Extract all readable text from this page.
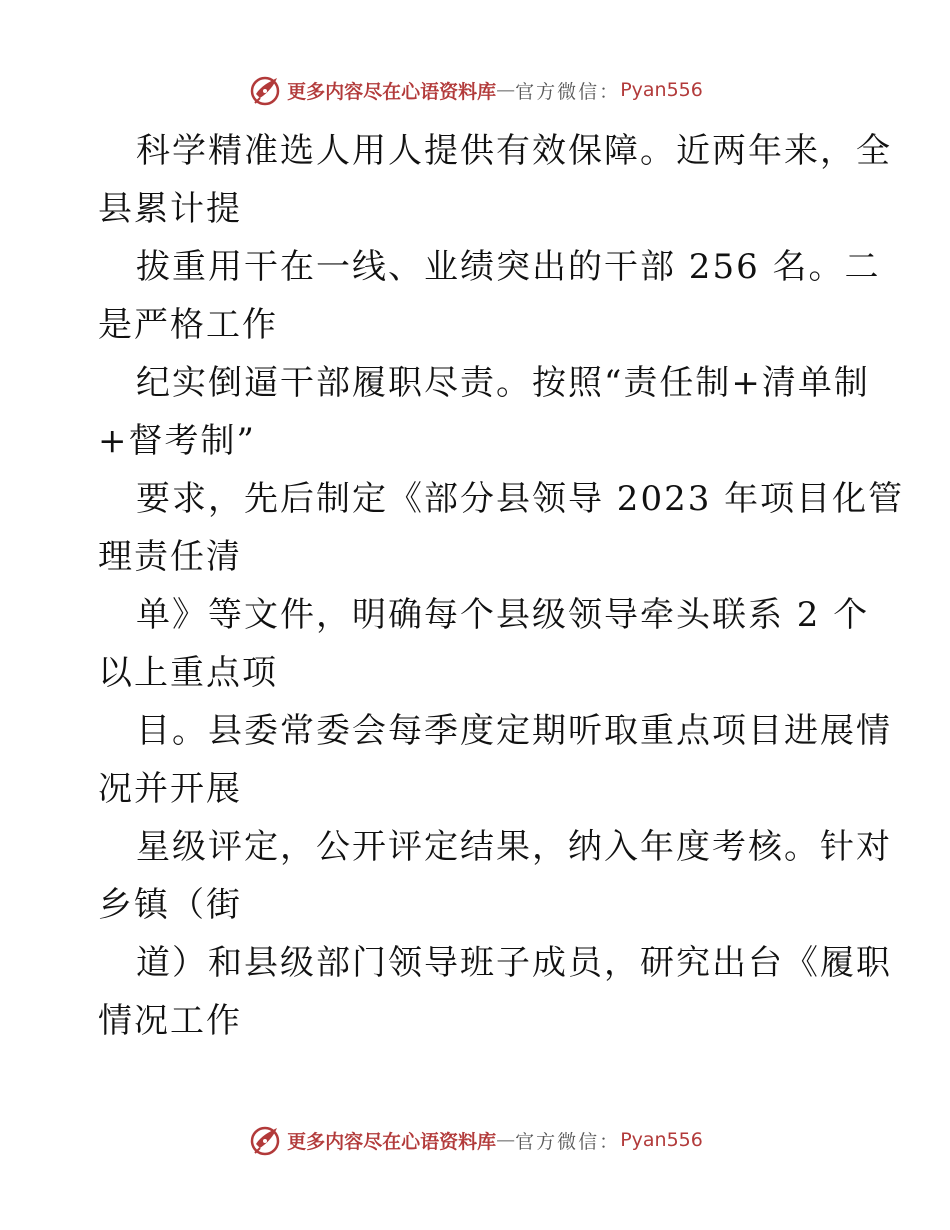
更多内容尽在心语资料库 — 官方微信： Pyan556
科学精准选人用人提供有效保障。近两年来，全
县累计提
拔重用干在一线、业绩突出的干部 256 名。二
是严格工作
纪实倒逼干部履职尽责。按照“责任制+清单制
+督考制”
要求，先后制定《部分县领导 2023 年项目化管
理责任清
单》等文件，明确每个县级领导牵头联系 2 个
以上重点项
目。县委常委会每季度定期听取重点项目进展情
况并开展
星级评定，公开评定结果，纳入年度考核。针对
乡镇（街
道）和县级部门领导班子成员，研究出台《履职
情况工作
更多内容尽在心语资料库 — 官方微信： Pyan556
